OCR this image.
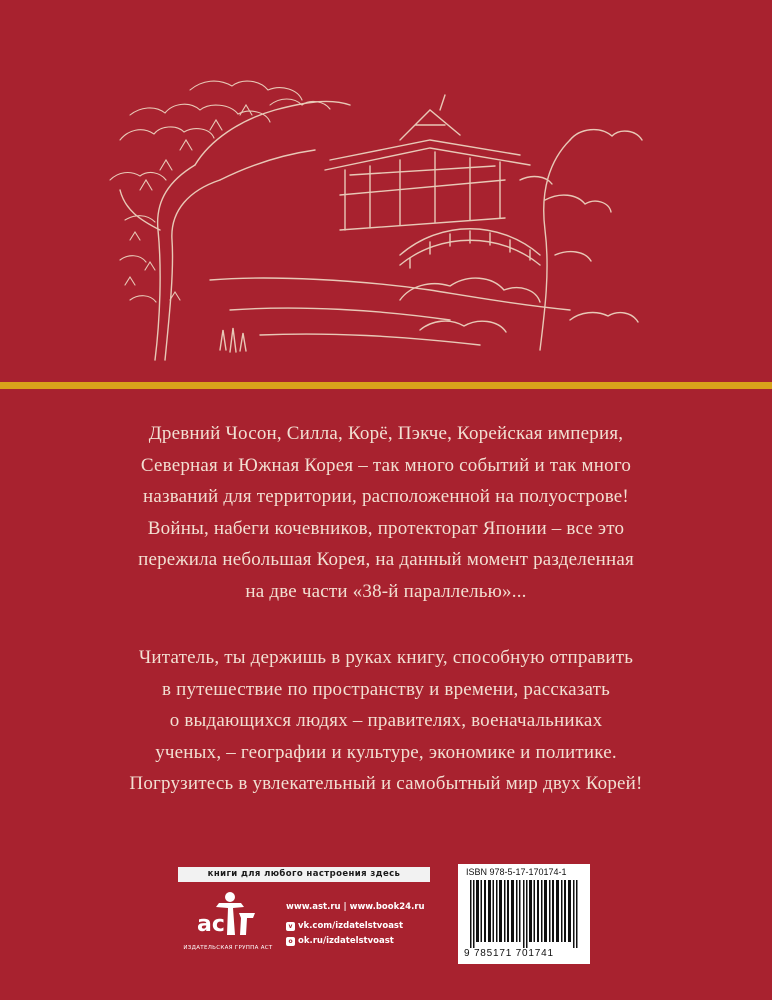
Древний Чосон, Силла, Корё, Пэкче, Корейская империя,
Северная и Южная Корея – так много событий и так много
названий для территории, расположенной на полуострове!
Войны, набеги кочевников, протекторат Японии – все это
пережила небольшая Корея, на данный момент разделенная
на две части «38-й параллелью»...
Читатель, ты держишь в руках книгу, способную отправить
в путешествие по пространству и времени, рассказать
о выдающихся людях – правителях, военачальниках
ученых, – географии и культуре, экономике и политике.
Погрузитесь в увлекательный и самобытный мир двух Корей!
книги для любого настроения здесь
ac
ИЗДАТЕЛЬСКАЯ ГРУППА АСТ
www.ast.ru | www.book24.ru
v vk.com/izdatelstvoast
o ok.ru/izdatelstvoast
ISBN 978-5-17-170174-1
9 785171 701741
